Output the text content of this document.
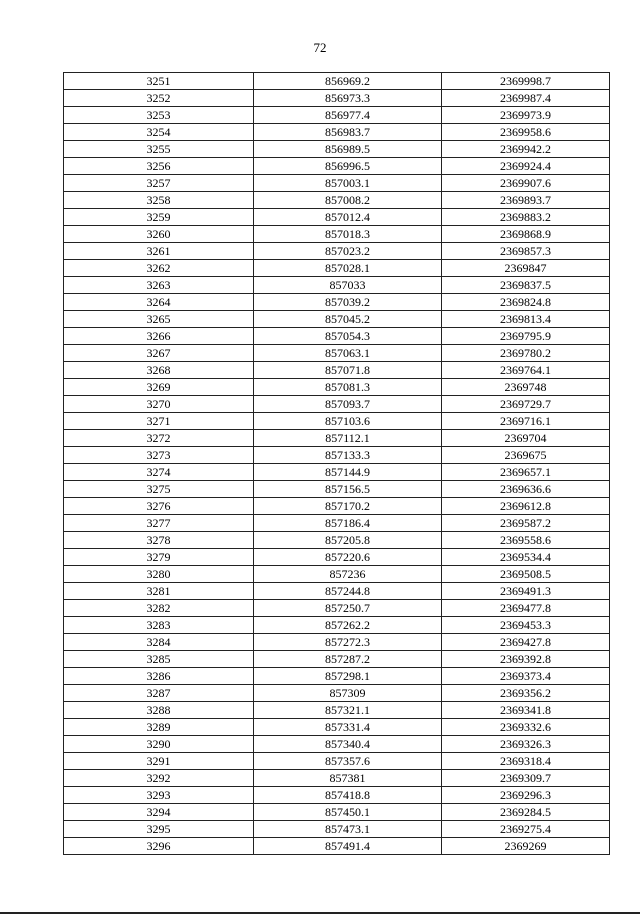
72
3251	856969.2	2369998.7
3252	856973.3	2369987.4
3253	856977.4	2369973.9
3254	856983.7	2369958.6
3255	856989.5	2369942.2
3256	856996.5	2369924.4
3257	857003.1	2369907.6
3258	857008.2	2369893.7
3259	857012.4	2369883.2
3260	857018.3	2369868.9
3261	857023.2	2369857.3
3262	857028.1	2369847
3263	857033	2369837.5
3264	857039.2	2369824.8
3265	857045.2	2369813.4
3266	857054.3	2369795.9
3267	857063.1	2369780.2
3268	857071.8	2369764.1
3269	857081.3	2369748
3270	857093.7	2369729.7
3271	857103.6	2369716.1
3272	857112.1	2369704
3273	857133.3	2369675
3274	857144.9	2369657.1
3275	857156.5	2369636.6
3276	857170.2	2369612.8
3277	857186.4	2369587.2
3278	857205.8	2369558.6
3279	857220.6	2369534.4
3280	857236	2369508.5
3281	857244.8	2369491.3
3282	857250.7	2369477.8
3283	857262.2	2369453.3
3284	857272.3	2369427.8
3285	857287.2	2369392.8
3286	857298.1	2369373.4
3287	857309	2369356.2
3288	857321.1	2369341.8
3289	857331.4	2369332.6
3290	857340.4	2369326.3
3291	857357.6	2369318.4
3292	857381	2369309.7
3293	857418.8	2369296.3
3294	857450.1	2369284.5
3295	857473.1	2369275.4
3296	857491.4	2369269
